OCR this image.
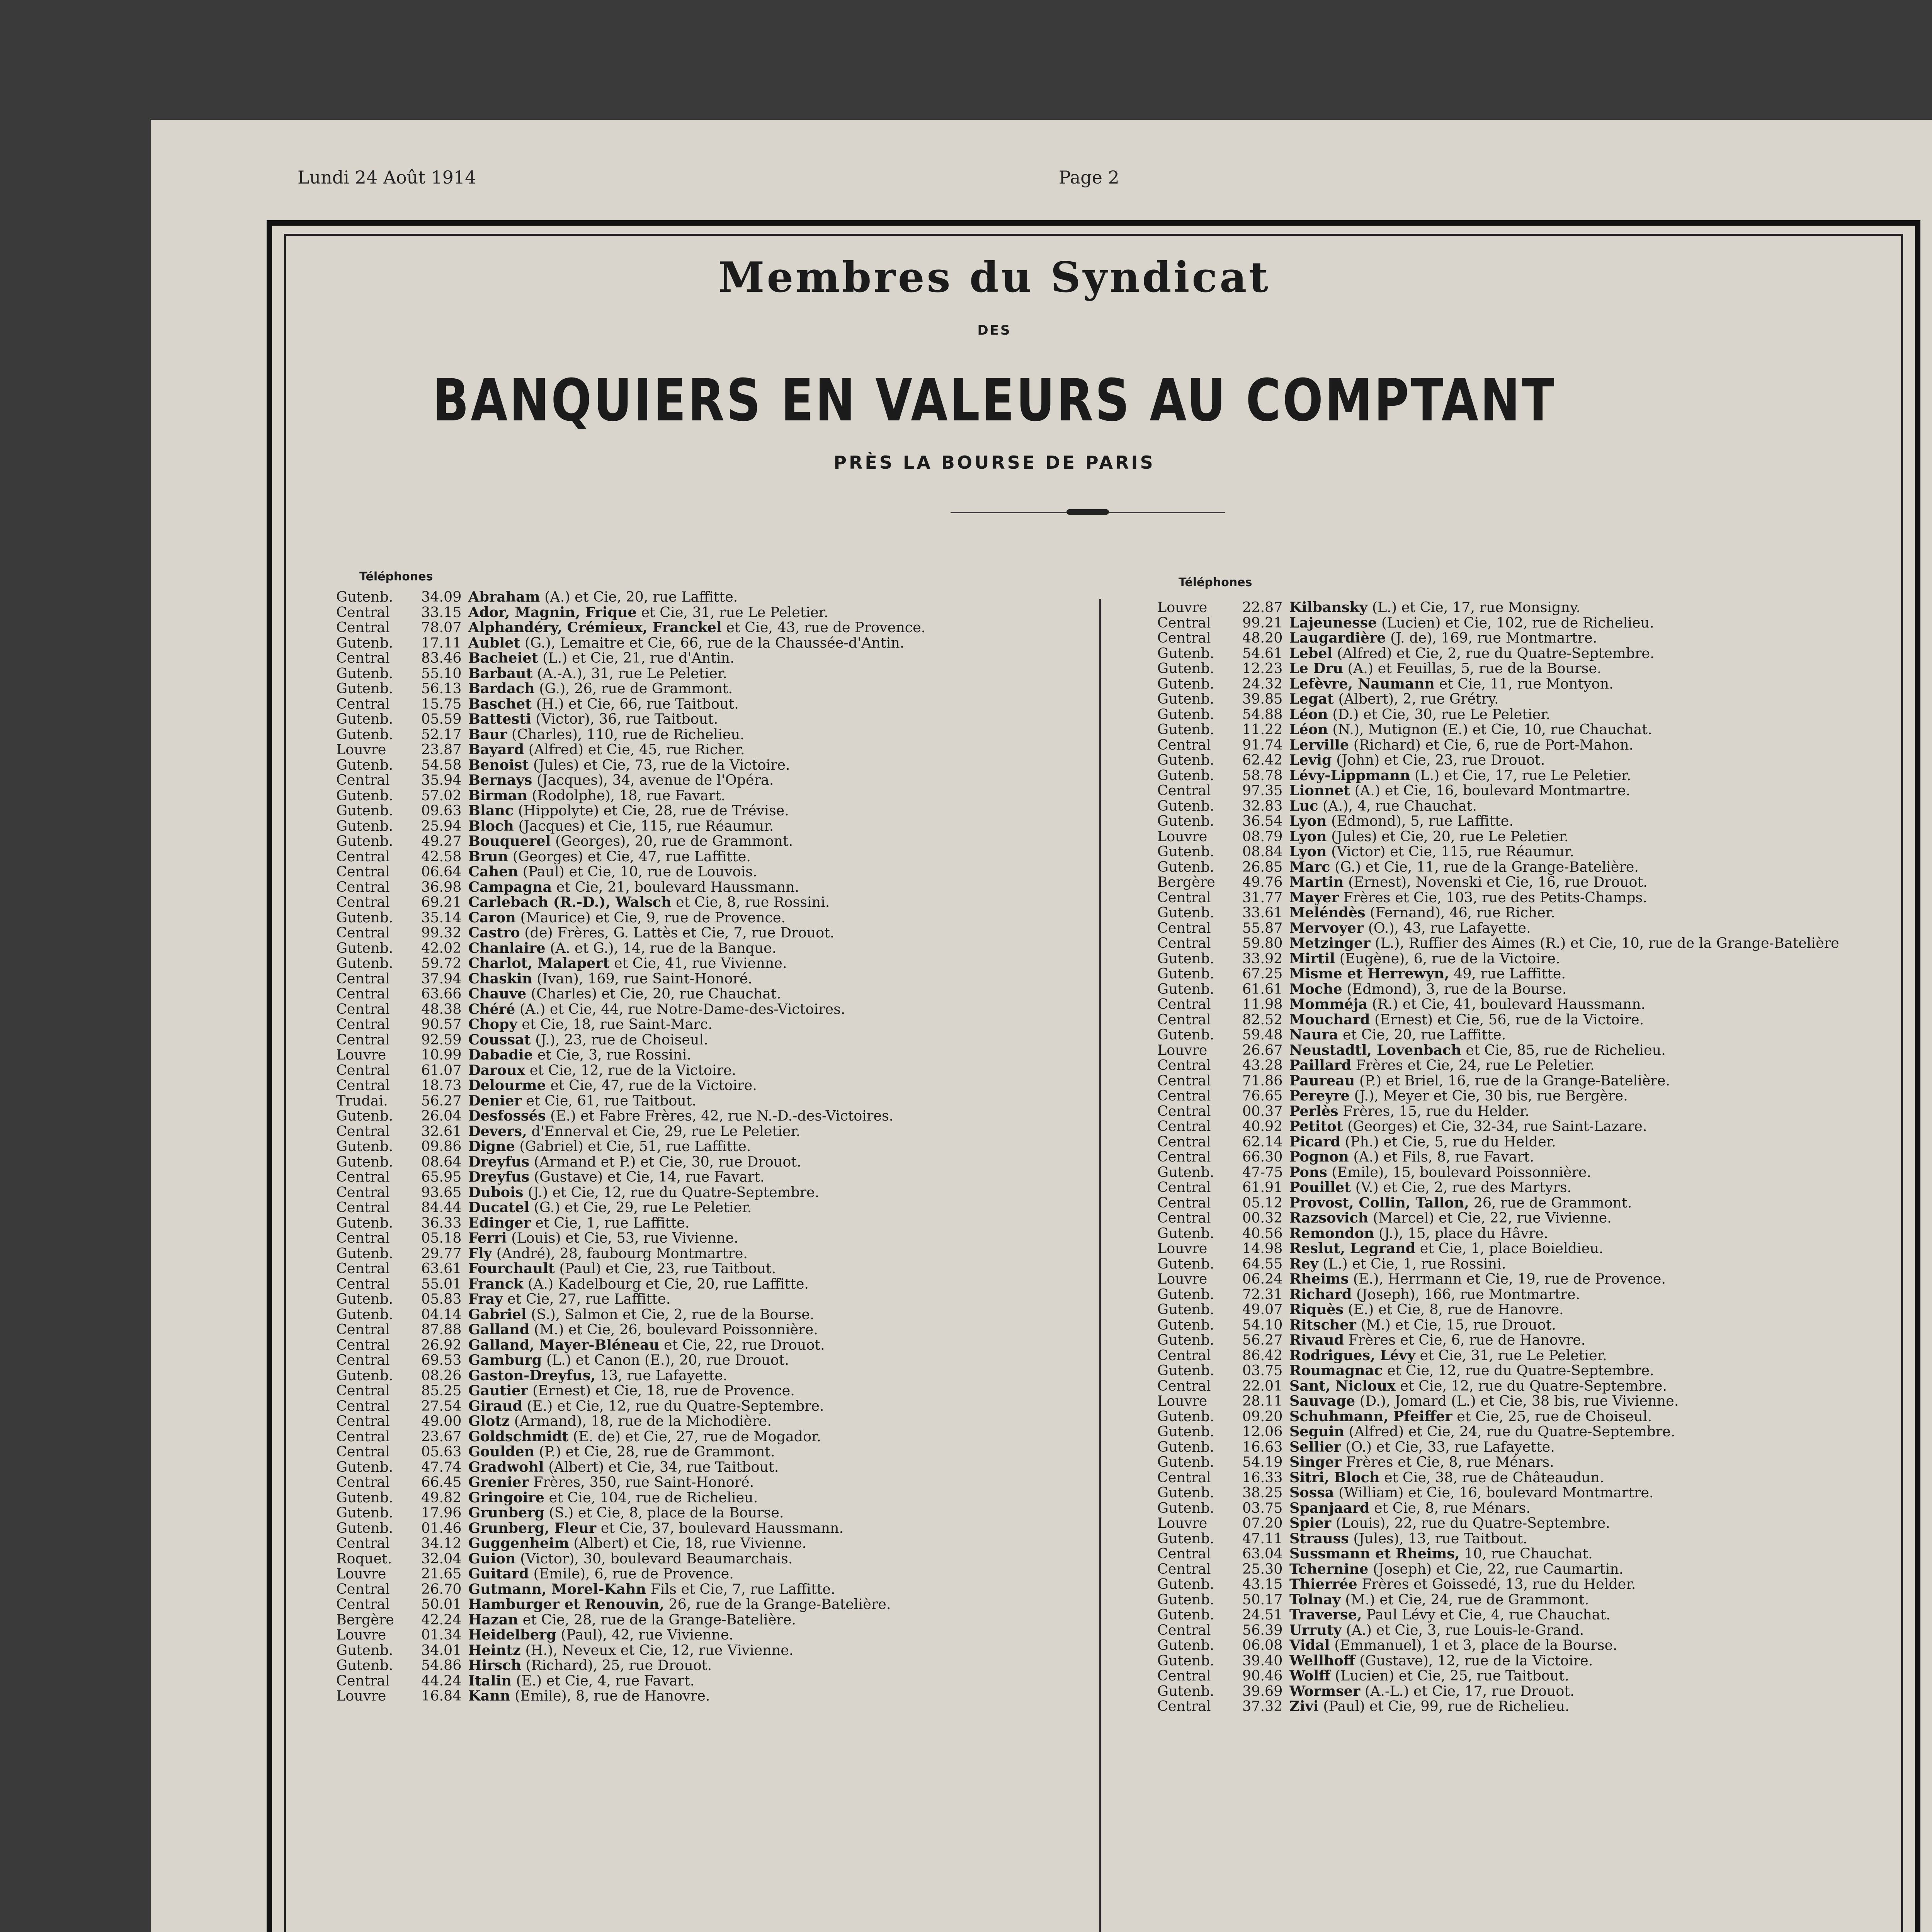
Lundi 24 Août 1914	Page 2
Membres du Syndicat
DES
BANQUIERS EN VALEURS AU COMPTANT
PRÈS LA BOURSE DE PARIS
Téléphones	Téléphones
Gutenb. 34.09 Abraham (A.) et Cie, 20, rue Laffitte.
Central 33.15 Ador, Magnin, Frique et Cie, 31, rue Le Peletier.
Central 78.07 Alphandéry, Crémieux, Franckel et Cie, 43, rue de Provence.
Gutenb. 17.11 Aublet (G.), Lemaitre et Cie, 66, rue de la Chaussée-d'Antin.
Central 83.46 Bacheiet (L.) et Cie, 21, rue d'Antin.
Gutenb. 55.10 Barbaut (A.-A.), 31, rue Le Peletier.
Gutenb. 56.13 Bardach (G.), 26, rue de Grammont.
Central 15.75 Baschet (H.) et Cie, 66, rue Taitbout.
Gutenb. 05.59 Battesti (Victor), 36, rue Taitbout.
Gutenb. 52.17 Baur (Charles), 110, rue de Richelieu.
Louvre 23.87 Bayard (Alfred) et Cie, 45, rue Richer.
Gutenb. 54.58 Benoist (Jules) et Cie, 73, rue de la Victoire.
Central 35.94 Bernays (Jacques), 34, avenue de l'Opéra.
Gutenb. 57.02 Birman (Rodolphe), 18, rue Favart.
Gutenb. 09.63 Blanc (Hippolyte) et Cie, 28, rue de Trévise.
Gutenb. 25.94 Bloch (Jacques) et Cie, 115, rue Réaumur.
Gutenb. 49.27 Bouquerel (Georges), 20, rue de Grammont.
Central 42.58 Brun (Georges) et Cie, 47, rue Laffitte.
Central 06.64 Cahen (Paul) et Cie, 10, rue de Louvois.
Central 36.98 Campagna et Cie, 21, boulevard Haussmann.
Central 69.21 Carlebach (R.-D.), Walsch et Cie, 8, rue Rossini.
Gutenb. 35.14 Caron (Maurice) et Cie, 9, rue de Provence.
Central 99.32 Castro (de) Frères, G. Lattès et Cie, 7, rue Drouot.
Gutenb. 42.02 Chanlaire (A. et G.), 14, rue de la Banque.
Gutenb. 59.72 Charlot, Malapert et Cie, 41, rue Vivienne.
Central 37.94 Chaskin (Ivan), 169, rue Saint-Honoré.
Central 63.66 Chauve (Charles) et Cie, 20, rue Chauchat.
Central 48.38 Chéré (A.) et Cie, 44, rue Notre-Dame-des-Victoires.
Central 90.57 Chopy et Cie, 18, rue Saint-Marc.
Central 92.59 Coussat (J.), 23, rue de Choiseul.
Louvre 10.99 Dabadie et Cie, 3, rue Rossini.
Central 61.07 Daroux et Cie, 12, rue de la Victoire.
Central 18.73 Delourme et Cie, 47, rue de la Victoire.
Trudai. 56.27 Denier et Cie, 61, rue Taitbout.
Gutenb. 26.04 Desfossés (E.) et Fabre Frères, 42, rue N.-D.-des-Victoires.
Central 32.61 Devers, d'Ennerval et Cie, 29, rue Le Peletier.
Gutenb. 09.86 Digne (Gabriel) et Cie, 51, rue Laffitte.
Gutenb. 08.64 Dreyfus (Armand et P.) et Cie, 30, rue Drouot.
Central 65.95 Dreyfus (Gustave) et Cie, 14, rue Favart.
Central 93.65 Dubois (J.) et Cie, 12, rue du Quatre-Septembre.
Central 84.44 Ducatel (G.) et Cie, 29, rue Le Peletier.
Gutenb. 36.33 Edinger et Cie, 1, rue Laffitte.
Central 05.18 Ferri (Louis) et Cie, 53, rue Vivienne.
Gutenb. 29.77 Fly (André), 28, faubourg Montmartre.
Central 63.61 Fourchault (Paul) et Cie, 23, rue Taitbout.
Central 55.01 Franck (A.) Kadelbourg et Cie, 20, rue Laffitte.
Gutenb. 05.83 Fray et Cie, 27, rue Laffitte.
Gutenb. 04.14 Gabriel (S.), Salmon et Cie, 2, rue de la Bourse.
Central 87.88 Galland (M.) et Cie, 26, boulevard Poissonnière.
Central 26.92 Galland, Mayer-Bléneau et Cie, 22, rue Drouot.
Central 69.53 Gamburg (L.) et Canon (E.), 20, rue Drouot.
Gutenb. 08.26 Gaston-Dreyfus, 13, rue Lafayette.
Central 85.25 Gautier (Ernest) et Cie, 18, rue de Provence.
Central 27.54 Giraud (E.) et Cie, 12, rue du Quatre-Septembre.
Central 49.00 Glotz (Armand), 18, rue de la Michodière.
Central 23.67 Goldschmidt (E. de) et Cie, 27, rue de Mogador.
Central 05.63 Goulden (P.) et Cie, 28, rue de Grammont.
Gutenb. 47.74 Gradwohl (Albert) et Cie, 34, rue Taitbout.
Central 66.45 Grenier Frères, 350, rue Saint-Honoré.
Gutenb. 49.82 Gringoire et Cie, 104, rue de Richelieu.
Gutenb. 17.96 Grunberg (S.) et Cie, 8, place de la Bourse.
Gutenb. 01.46 Grunberg, Fleur et Cie, 37, boulevard Haussmann.
Central 34.12 Guggenheim (Albert) et Cie, 18, rue Vivienne.
Roquet. 32.04 Guion (Victor), 30, boulevard Beaumarchais.
Louvre 21.65 Guitard (Emile), 6, rue de Provence.
Central 26.70 Gutmann, Morel-Kahn Fils et Cie, 7, rue Laffitte.
Central 50.01 Hamburger et Renouvin, 26, rue de la Grange-Batelière.
Bergère 42.24 Hazan et Cie, 28, rue de la Grange-Batelière.
Louvre 01.34 Heidelberg (Paul), 42, rue Vivienne.
Gutenb. 34.01 Heintz (H.), Neveux et Cie, 12, rue Vivienne.
Gutenb. 54.86 Hirsch (Richard), 25, rue Drouot.
Central 44.24 Italin (E.) et Cie, 4, rue Favart.
Louvre 16.84 Kann (Emile), 8, rue de Hanovre.
Louvre 22.87 Kilbansky (L.) et Cie, 17, rue Monsigny.
Central 99.21 Lajeunesse (Lucien) et Cie, 102, rue de Richelieu.
Central 48.20 Laugardière (J. de), 169, rue Montmartre.
Gutenb. 54.61 Lebel (Alfred) et Cie, 2, rue du Quatre-Septembre.
Gutenb. 12.23 Le Dru (A.) et Feuillas, 5, rue de la Bourse.
Gutenb. 24.32 Lefèvre, Naumann et Cie, 11, rue Montyon.
Gutenb. 39.85 Legat (Albert), 2, rue Grétry.
Gutenb. 54.88 Léon (D.) et Cie, 30, rue Le Peletier.
Gutenb. 11.22 Léon (N.), Mutignon (E.) et Cie, 10, rue Chauchat.
Central 91.74 Lerville (Richard) et Cie, 6, rue de Port-Mahon.
Gutenb. 62.42 Levig (John) et Cie, 23, rue Drouot.
Gutenb. 58.78 Lévy-Lippmann (L.) et Cie, 17, rue Le Peletier.
Central 97.35 Lionnet (A.) et Cie, 16, boulevard Montmartre.
Gutenb. 32.83 Luc (A.), 4, rue Chauchat.
Gutenb. 36.54 Lyon (Edmond), 5, rue Laffitte.
Louvre 08.79 Lyon (Jules) et Cie, 20, rue Le Peletier.
Gutenb. 08.84 Lyon (Victor) et Cie, 115, rue Réaumur.
Gutenb. 26.85 Marc (G.) et Cie, 11, rue de la Grange-Batelière.
Bergère 49.76 Martin (Ernest), Novenski et Cie, 16, rue Drouot.
Central 31.77 Mayer Frères et Cie, 103, rue des Petits-Champs.
Gutenb. 33.61 Meléndès (Fernand), 46, rue Richer.
Central 55.87 Mervoyer (O.), 43, rue Lafayette.
Central 59.80 Metzinger (L.), Ruffier des Aimes (R.) et Cie, 10, rue de la Grange-Batelière
Gutenb. 33.92 Mirtil (Eugène), 6, rue de la Victoire.
Gutenb. 67.25 Misme et Herrewyn, 49, rue Laffitte.
Gutenb. 61.61 Moche (Edmond), 3, rue de la Bourse.
Central 11.98 Momméja (R.) et Cie, 41, boulevard Haussmann.
Central 82.52 Mouchard (Ernest) et Cie, 56, rue de la Victoire.
Gutenb. 59.48 Naura et Cie, 20, rue Laffitte.
Louvre 26.67 Neustadtl, Lovenbach et Cie, 85, rue de Richelieu.
Central 43.28 Paillard Frères et Cie, 24, rue Le Peletier.
Central 71.86 Paureau (P.) et Briel, 16, rue de la Grange-Batelière.
Central 76.65 Pereyre (J.), Meyer et Cie, 30 bis, rue Bergère.
Central 00.37 Perlès Frères, 15, rue du Helder.
Central 40.92 Petitot (Georges) et Cie, 32-34, rue Saint-Lazare.
Central 62.14 Picard (Ph.) et Cie, 5, rue du Helder.
Central 66.30 Pognon (A.) et Fils, 8, rue Favart.
Gutenb. 47-75 Pons (Emile), 15, boulevard Poissonnière.
Central 61.91 Pouillet (V.) et Cie, 2, rue des Martyrs.
Central 05.12 Provost, Collin, Tallon, 26, rue de Grammont.
Central 00.32 Razsovich (Marcel) et Cie, 22, rue Vivienne.
Gutenb. 40.56 Remondon (J.), 15, place du Hâvre.
Louvre 14.98 Reslut, Legrand et Cie, 1, place Boieldieu.
Gutenb. 64.55 Rey (L.) et Cie, 1, rue Rossini.
Louvre 06.24 Rheims (E.), Herrmann et Cie, 19, rue de Provence.
Gutenb. 72.31 Richard (Joseph), 166, rue Montmartre.
Gutenb. 49.07 Riquès (E.) et Cie, 8, rue de Hanovre.
Gutenb. 54.10 Ritscher (M.) et Cie, 15, rue Drouot.
Gutenb. 56.27 Rivaud Frères et Cie, 6, rue de Hanovre.
Central 86.42 Rodrigues, Lévy et Cie, 31, rue Le Peletier.
Gutenb. 03.75 Roumagnac et Cie, 12, rue du Quatre-Septembre.
Central 22.01 Sant, Nicloux et Cie, 12, rue du Quatre-Septembre.
Louvre 28.11 Sauvage (D.), Jomard (L.) et Cie, 38 bis, rue Vivienne.
Gutenb. 09.20 Schuhmann, Pfeiffer et Cie, 25, rue de Choiseul.
Gutenb. 12.06 Seguin (Alfred) et Cie, 24, rue du Quatre-Septembre.
Gutenb. 16.63 Sellier (O.) et Cie, 33, rue Lafayette.
Gutenb. 54.19 Singer Frères et Cie, 8, rue Ménars.
Central 16.33 Sitri, Bloch et Cie, 38, rue de Châteaudun.
Gutenb. 38.25 Sossa (William) et Cie, 16, boulevard Montmartre.
Gutenb. 03.75 Spanjaard et Cie, 8, rue Ménars.
Louvre 07.20 Spier (Louis), 22, rue du Quatre-Septembre.
Gutenb. 47.11 Strauss (Jules), 13, rue Taitbout.
Central 63.04 Sussmann et Rheims, 10, rue Chauchat.
Central 25.30 Tchernine (Joseph) et Cie, 22, rue Caumartin.
Gutenb. 43.15 Thierrée Frères et Goissedé, 13, rue du Helder.
Gutenb. 50.17 Tolnay (M.) et Cie, 24, rue de Grammont.
Gutenb. 24.51 Traverse, Paul Lévy et Cie, 4, rue Chauchat.
Central 56.39 Urruty (A.) et Cie, 3, rue Louis-le-Grand.
Gutenb. 06.08 Vidal (Emmanuel), 1 et 3, place de la Bourse.
Gutenb. 39.40 Wellhoff (Gustave), 12, rue de la Victoire.
Central 90.46 Wolff (Lucien) et Cie, 25, rue Taitbout.
Gutenb. 39.69 Wormser (A.-L.) et Cie, 17, rue Drouot.
Central 37.32 Zivi (Paul) et Cie, 99, rue de Richelieu.
